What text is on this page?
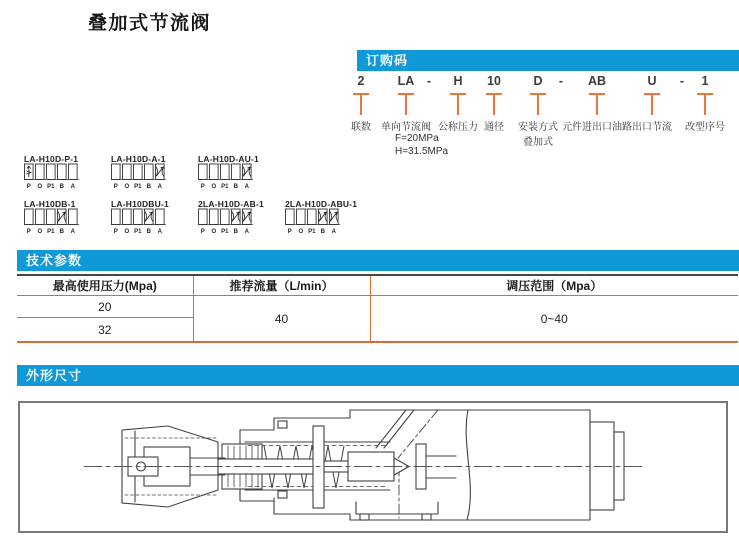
叠加式节流阀
订购码
2
联数
LA
单向节流阀
F=20MPa
H=31.5MPa
- H
公称压力
10
通径
D
安装方式
叠加式
- AB
元件进出口油路
U
出口节流
- 1
改型序号
LA-H10D-P-1
P O P1 B A
LA-H10D-A-1
P O P1 B A
LA-H10D-AU-1
P O P1 B A
LA-H10DB-1
P O P1 B A
LA-H10DBU-1
P O P1 B A
2LA-H10D-AB-1
P O P1 B A
2LA-H10D-ABU-1
P O P1 B A
技术参数
最高使用压力(Mpa)	推荐流量（L/min）	调压范围（Mpa）
20	40	0~40
32		
外形尺寸
